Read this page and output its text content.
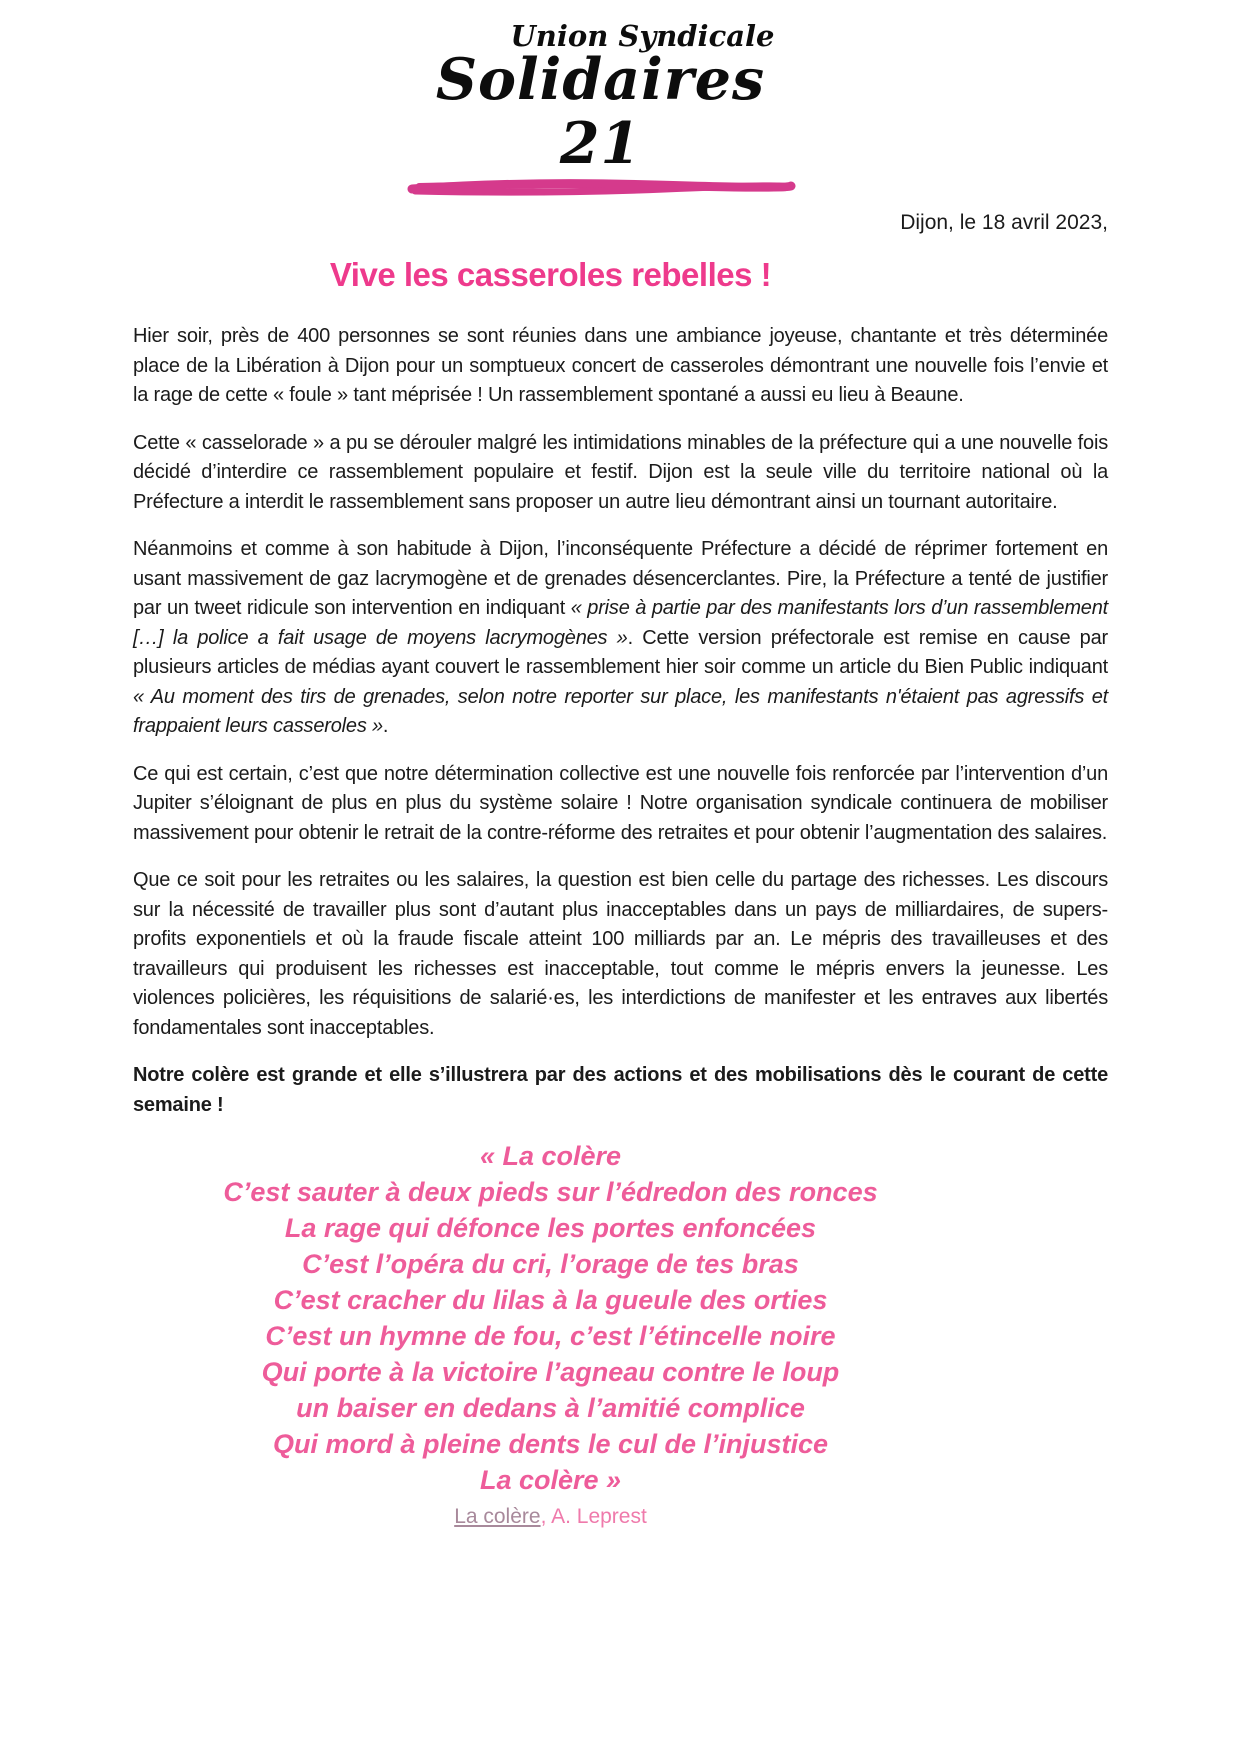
Union Syndicale
Solidaires 21
Dijon, le 18 avril 2023,
Vive les casseroles rebelles !

Hier soir, près de 400 personnes se sont réunies dans une ambiance joyeuse, chantante et très déterminée place de la Libération à Dijon pour un somptueux concert de casseroles démontrant une nouvelle fois l’envie et la rage de cette « foule » tant méprisée ! Un rassemblement spontané a aussi eu lieu à Beaune.

Cette « casselorade » a pu se dérouler malgré les intimidations minables de la préfecture qui a une nouvelle fois décidé d’interdire ce rassemblement populaire et festif. Dijon est la seule ville du territoire national où la Préfecture a interdit le rassemblement sans proposer un autre lieu démontrant ainsi un tournant autoritaire.

Néanmoins et comme à son habitude à Dijon, l’inconséquente Préfecture a décidé de réprimer fortement en usant massivement de gaz lacrymogène et de grenades désencerclantes. Pire, la Préfecture a tenté de justifier par un tweet ridicule son intervention en indiquant « prise à partie par des manifestants lors d’un rassemblement […] la police a fait usage de moyens lacrymogènes ». Cette version préfectorale est remise en cause par plusieurs articles de médias ayant couvert le rassemblement hier soir comme un article du Bien Public indiquant « Au moment des tirs de grenades, selon notre reporter sur place, les manifestants n'étaient pas agressifs et frappaient leurs casseroles ».

Ce qui est certain, c’est que notre détermination collective est une nouvelle fois renforcée par l’intervention d’un Jupiter s’éloignant de plus en plus du système solaire ! Notre organisation syndicale continuera de mobiliser massivement pour obtenir le retrait de la contre-réforme des retraites et pour obtenir l’augmentation des salaires.

Que ce soit pour les retraites ou les salaires, la question est bien celle du partage des richesses. Les discours sur la nécessité de travailler plus sont d’autant plus inacceptables dans un pays de milliardaires, de supers-profits exponentiels et où la fraude fiscale atteint 100 milliards par an. Le mépris des travailleuses et des travailleurs qui produisent les richesses est inacceptable, tout comme le mépris envers la jeunesse. Les violences policières, les réquisitions de salarié·es, les interdictions de manifester et les entraves aux libertés fondamentales sont inacceptables.

Notre colère est grande et elle s’illustrera par des actions et des mobilisations dès le courant de cette semaine !

« La colère
C’est sauter à deux pieds sur l’édredon des ronces
La rage qui défonce les portes enfoncées
C’est l’opéra du cri, l’orage de tes bras
C’est cracher du lilas à la gueule des orties
C’est un hymne de fou, c’est l’étincelle noire
Qui porte à la victoire l’agneau contre le loup
un baiser en dedans à l’amitié complice
Qui mord à pleine dents le cul de l’injustice
La colère »
La colère, A. Leprest
